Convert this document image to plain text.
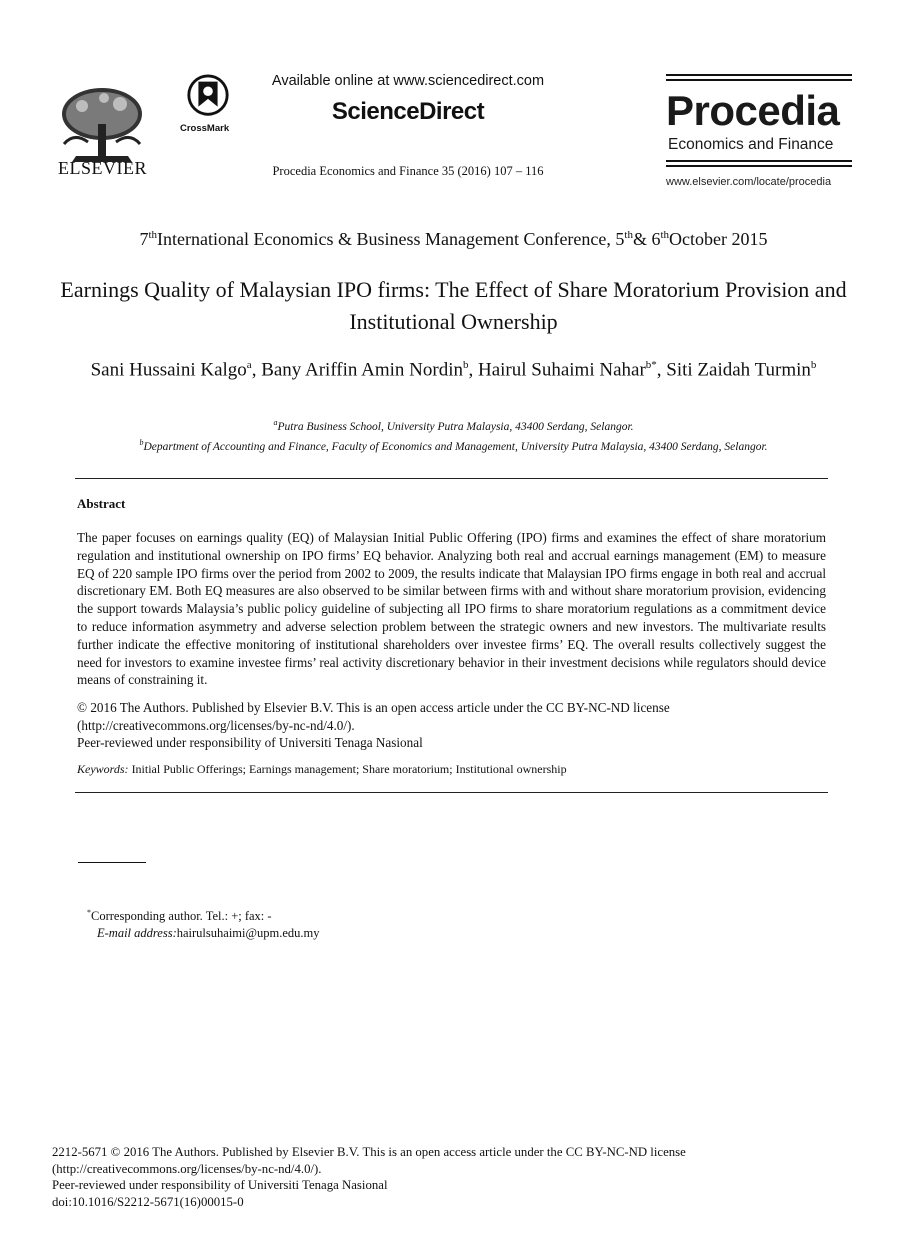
ELSEVIER
CrossMark
Available online at www.sciencedirect.com
ScienceDirect
Procedia Economics and Finance 35 (2016) 107 – 116
Procedia
Economics and Finance
www.elsevier.com/locate/procedia
7thInternational Economics & Business Management Conference, 5th& 6thOctober 2015
Earnings Quality of Malaysian IPO firms: The Effect of Share Moratorium Provision and Institutional Ownership
Sani Hussaini Kalgo$^a$, Bany Ariffin Amin Nordin$^b$, Hairul Suhaimi Nahar$^{b*}$, Siti Zaidah Turmin$^b$
$^a$Putra Business School, University Putra Malaysia, 43400 Serdang, Selangor.
$^b$Department of Accounting and Finance, Faculty of Economics and Management, University Putra Malaysia, 43400 Serdang, Selangor.
Abstract
The paper focuses on earnings quality (EQ) of Malaysian Initial Public Offering (IPO) firms and examines the effect of share moratorium regulation and institutional ownership on IPO firms’ EQ behavior. Analyzing both real and accrual earnings management (EM) to measure EQ of 220 sample IPO firms over the period from 2002 to 2009, the results indicate that Malaysian IPO firms engage in both real and accrual discretionary EM. Both EQ measures are also observed to be similar between firms with and without share moratorium provision, evidencing the support towards Malaysia’s public policy guideline of subjecting all IPO firms to share moratorium regulations as a commitment device to reduce information asymmetry and adverse selection problem between the strategic owners and new investors. The multivariate results further indicate the effective monitoring of institutional shareholders over investee firms’ EQ. The overall results collectively suggest the need for investors to examine investee firms’ real activity discretionary behavior in their investment decisions while regulators should device means of constraining it.
© 2016 The Authors. Published by Elsevier B.V. This is an open access article under the CC BY-NC-ND license
(http://creativecommons.org/licenses/by-nc-nd/4.0/).
Peer-reviewed under responsibility of Universiti Tenaga Nasional
Keywords: Initial Public Offerings; Earnings management; Share moratorium; Institutional ownership
*Corresponding author. Tel.: +; fax: -
E-mail address:hairulsuhaimi@upm.edu.my
2212-5671 © 2016 The Authors. Published by Elsevier B.V. This is an open access article under the CC BY-NC-ND license
(http://creativecommons.org/licenses/by-nc-nd/4.0/).
Peer-reviewed under responsibility of Universiti Tenaga Nasional
doi:10.1016/S2212-5671(16)00015-0
